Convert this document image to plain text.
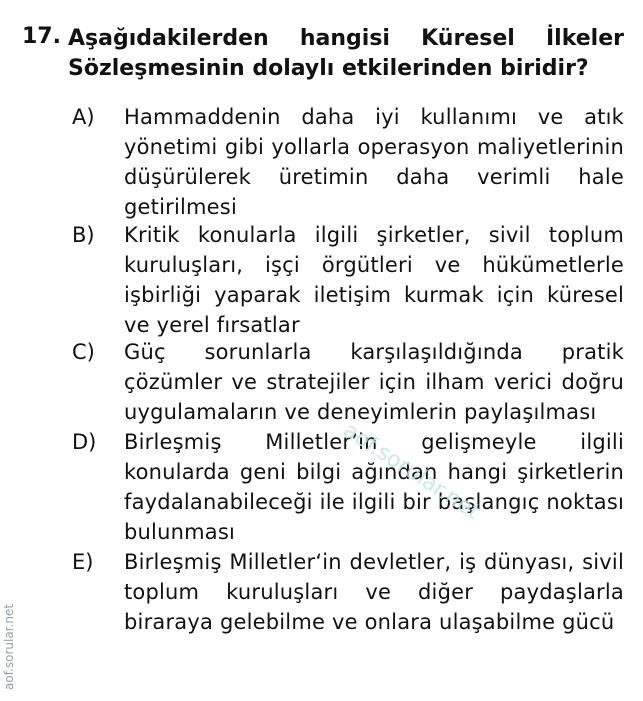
17. Aşağıdakilerden hangisi Küresel İlkeler Sözleşmesinin dolaylı etkilerinden biridir?
A) Hammaddenin daha iyi kullanımı ve atık yönetimi gibi yollarla operasyon maliyetlerinin düşürülerek üretimin daha verimli hale getirilmesi
B) Kritik konularla ilgili şirketler, sivil toplum kuruluşları, işçi örgütleri ve hükümetlerle işbirliği yaparak iletişim kurmak için küresel ve yerel fırsatlar
C) Güç sorunlarla karşılaşıldığında pratik çözümler ve stratejiler için ilham verici doğru uygulamaların ve deneyimlerin paylaşılması
D) Birleşmiş Milletler’in gelişmeyle ilgili konularda geni bilgi ağından hangi şirketlerin faydalanabileceği ile ilgili bir başlangıç noktası bulunması
E) Birleşmiş Milletler‘in devletler, iş dünyası, sivil toplum kuruluşları ve diğer paydaşlarla biraraya gelebilme ve onlara ulaşabilme gücü
aof.sorular.net
aof.sorular.net
